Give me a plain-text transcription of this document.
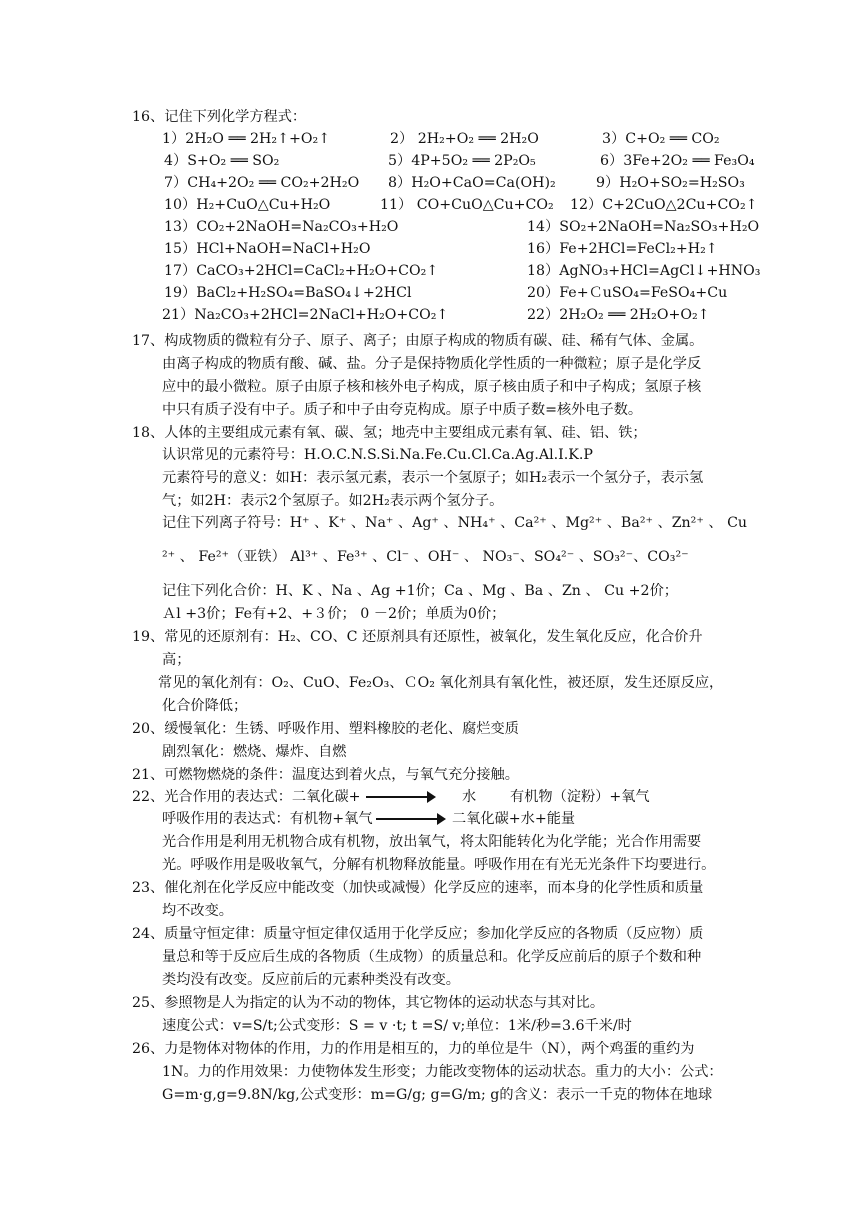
16、记住下列化学方程式：
1）2H₂O ══ 2H₂↑+O₂↑	2） 2H₂+O₂ ══ 2H₂O	3）C+O₂ ══ CO₂
4）S+O₂ ══ SO₂	5）4P+5O₂ ══ 2P₂O₅	6）3Fe+2O₂ ══ Fe₃O₄
7）CH₄+2O₂ ══ CO₂+2H₂O 8）H₂O+CaO=Ca(OH)₂	9）H₂O+SO₂=H₂SO₃
10）H₂+CuO△Cu+H₂O	11） CO+CuO△Cu+CO₂ 12）C+2CuO△2Cu+CO₂↑
13）CO₂+2NaOH=Na₂CO₃+H₂O	14）SO₂+2NaOH=Na₂SO₃+H₂O
15）HCl+NaOH=NaCl+H₂O	16）Fe+2HCl=FeCl₂+H₂↑
17）CaCO₃+2HCl=CaCl₂+H₂O+CO₂↑	18）AgNO₃+HCl=AgCl↓+HNO₃
19）BaCl₂+H₂SO₄=BaSO₄↓+2HCl	20）Fe+ＣuSO₄=FeSO₄+Cu
21）Na₂CO₃+2HCl=2NaCl+H₂O+CO₂↑	22）2H₂O₂ ══ 2H₂O+O₂↑
17、构成物质的微粒有分子、原子、离子；由原子构成的物质有碳、硅、稀有气体、金属。
由离子构成的物质有酸、碱、盐。分子是保持物质化学性质的一种微粒；原子是化学反
应中的最小微粒。原子由原子核和核外电子构成，原子核由质子和中子构成；氢原子核
中只有质子没有中子。质子和中子由夸克构成。原子中质子数=核外电子数。
18、人体的主要组成元素有氧、碳、氢；地壳中主要组成元素有氧、硅、铝、铁；
认识常见的元素符号：H.O.C.N.S.Si.Na.Fe.Cu.Cl.Ca.Ag.Al.I.K.P
元素符号的意义：如H：表示氢元素，表示一个氢原子；如H₂表示一个氢分子，表示氢
气；如2H：表示2个氢原子。如2H₂表示两个氢分子。
记住下列离子符号：H⁺ 、K⁺ 、Na⁺ 、Ag⁺ 、NH₄⁺ 、Ca²⁺ 、Mg²⁺ 、Ba²⁺ 、Zn²⁺ 、 Cu
²⁺ 、 Fe²⁺（亚铁） Al³⁺ 、Fe³⁺ 、Cl⁻ 、OH⁻ 、 NO₃⁻、SO₄²⁻ 、SO₃²⁻、CO₃²⁻
记住下列化合价：H、K 、Na 、Ag +1价；Ca 、Mg 、Ba 、Zn 、 Cu +2价；
Ａl +3价；Fe有+2、+３价； 0 －2价；单质为0价；
19、常见的还原剂有：H₂、CO、C 还原剂具有还原性，被氧化，发生氧化反应，化合价升
高；
常见的氧化剂有：O₂、CuO、Fe₂O₃、ＣO₂ 氧化剂具有氧化性，被还原，发生还原反应，
化合价降低；
20、缓慢氧化：生锈、呼吸作用、塑料橡胶的老化、腐烂变质
剧烈氧化：燃烧、爆炸、自燃
21、可燃物燃烧的条件：温度达到着火点，与氧气充分接触。
22、光合作用的表达式：二氧化碳+	水 有机物（淀粉）+氧气
呼吸作用的表达式：有机物+氧气	二氧化碳+水+能量
光合作用是利用无机物合成有机物，放出氧气，将太阳能转化为化学能；光合作用需要
光。呼吸作用是吸收氧气，分解有机物释放能量。呼吸作用在有光无光条件下均要进行。
23、催化剂在化学反应中能改变（加快或减慢）化学反应的速率，而本身的化学性质和质量
均不改变。
24、质量守恒定律：质量守恒定律仅适用于化学反应；参加化学反应的各物质（反应物）质
量总和等于反应后生成的各物质（生成物）的质量总和。化学反应前后的原子个数和种
类均没有改变。反应前后的元素种类没有改变。
25、参照物是人为指定的认为不动的物体，其它物体的运动状态与其对比。
速度公式：v=S/t;公式变形：S = v ·t; t =S/ v;单位：1米/秒=3.6千米/时
26、力是物体对物体的作用，力的作用是相互的，力的单位是牛（N），两个鸡蛋的重约为
1N。力的作用效果：力使物体发生形变；力能改变物体的运动状态。重力的大小：公式：
G=m·g,g=9.8N/kg,公式变形：m=G/g; g=G/m; g的含义：表示一千克的物体在地球
